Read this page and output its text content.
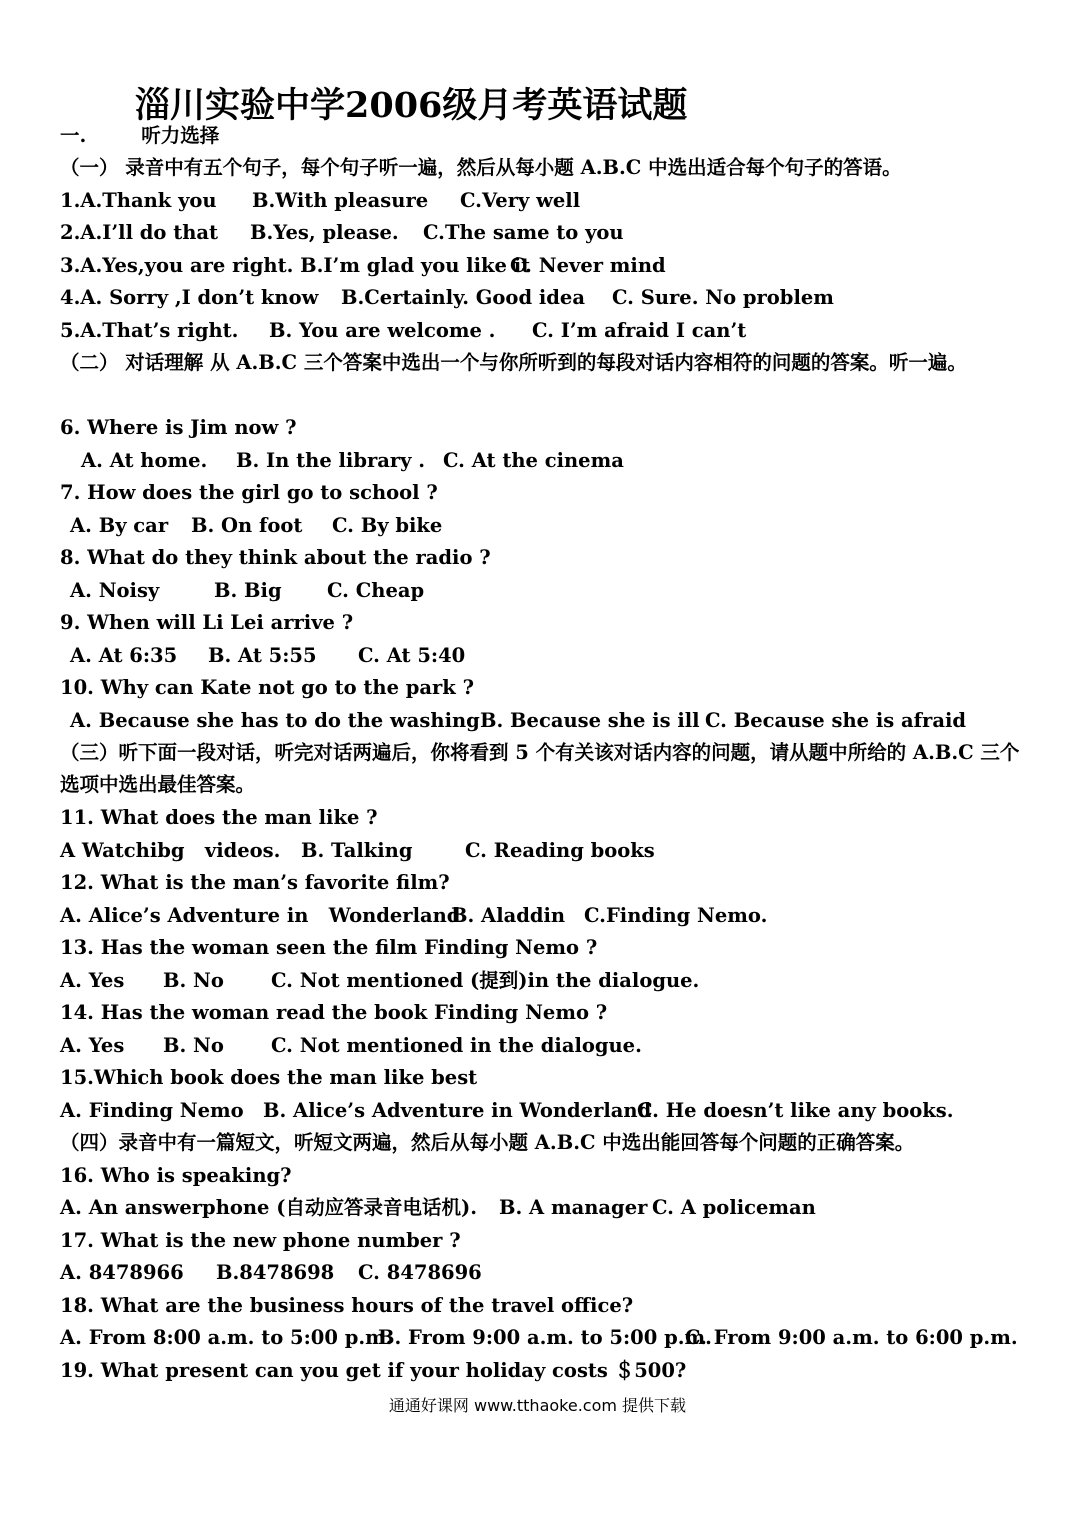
淄川实验中学2006级月考英语试题
一.	听力选择
（一） 录音中有五个句子，每个句子听一遍，然后从每小题 A.B.C 中选出适合每个句子的答语。
1.A.Thank you B.With pleasure C.Very well
2.A.I’ll do that B.Yes, please. C.The same to you
3.A.Yes,you are right. B.I’m glad you like itC. Never mind
4.A. Sorry ,I don’t know B.Certainly. Good idea C. Sure. No problem
5.A.That’s right. B. You are welcome . C. I’m afraid I can’t
（二） 对话理解 从 A.B.C 三个答案中选出一个与你所听到的每段对话内容相符的问题的答案。听一遍。
6. Where is Jim now ?
A. At home. B. In the library . C. At the cinema
7. How does the girl go to school ?
A. By car B. On foot C. By bike
8. What do they think about the radio ?
A. Noisy	B. Big C. Cheap
9. When will Li Lei arrive ?
A. At 6:35 B. At 5:55 C. At 5:40
10. Why can Kate not go to the park ?
A. Because she has to do the washingB. Because she is ill C. Because she is afraid
（三）听下面一段对话，听完对话两遍后，你将看到 5 个有关该对话内容的问题，请从题中所给的 A.B.C 三个选项中选出最佳答案。
11. What does the man like ?
A Watchibg   videos. B. Talking	C. Reading books
12. What is the man’s favorite film?
A. Alice’s Adventure in   WonderlandB. Aladdin C.Finding Nemo.
13. Has the woman seen the film Finding Nemo ?
A. Yes B. No C. Not mentioned (提到)in the dialogue.
14. Has the woman read the book Finding Nemo ?
A. Yes B. No C. Not mentioned in the dialogue.
15.Which book does the man like best
A. Finding Nemo B. Alice’s Adventure in WonderlandC. He doesn’t like any books.
（四）录音中有一篇短文，听短文两遍，然后从每小题 A.B.C 中选出能回答每个问题的正确答案。
16. Who is speaking?
A. An answerphone (自动应答录音电话机). B. A manager C. A policeman
17. What is the new phone number ?
A. 8478966 B.8478698 C. 8478696
18. What are the business hours of the travel office?
A. From 8:00 a.m. to 5:00 p.m.B. From 9:00 a.m. to 5:00 p.m.C. From 9:00 a.m. to 6:00 p.m.
19. What present can you get if your holiday costs ＄500?
通通好课网 www.tthaoke.com 提供下载
